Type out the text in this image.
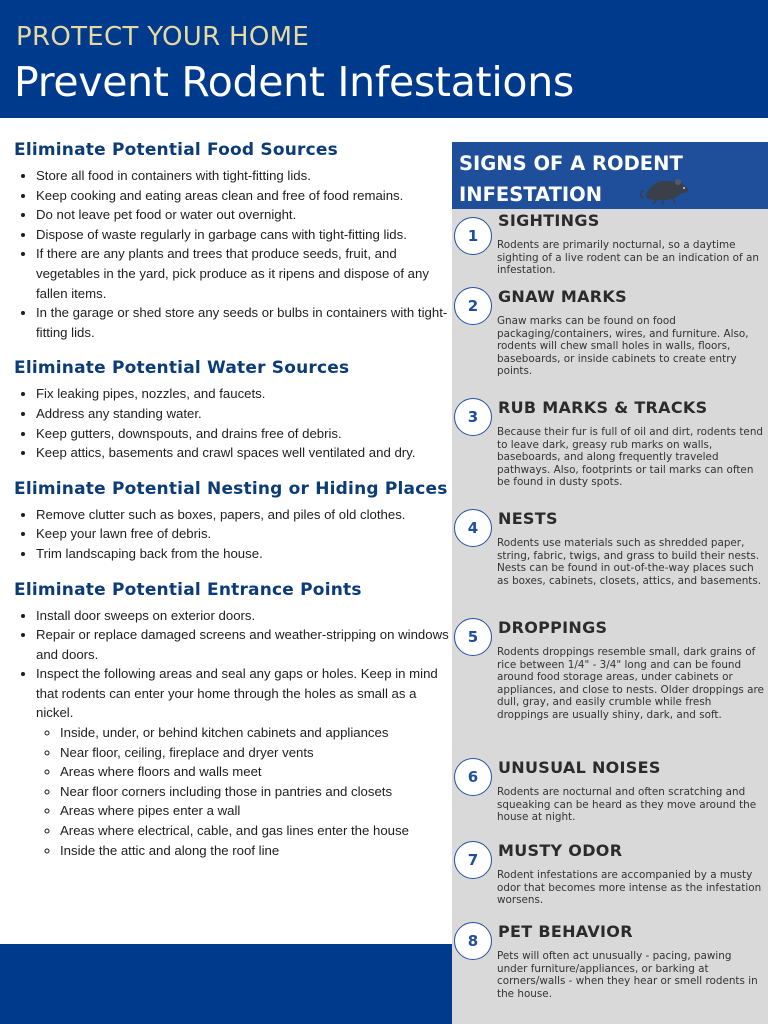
PROTECT YOUR HOME
Prevent Rodent Infestations
Eliminate Potential Food Sources
• Store all food in containers with tight-fitting lids.
• Keep cooking and eating areas clean and free of food remains.
• Do not leave pet food or water out overnight.
• Dispose of waste regularly in garbage cans with tight-fitting lids.
• If there are any plants and trees that produce seeds, fruit, and vegetables in the yard, pick produce as it ripens and dispose of any fallen items.
• In the garage or shed store any seeds or bulbs in containers with tight-fitting lids.
Eliminate Potential Water Sources
• Fix leaking pipes, nozzles, and faucets.
• Address any standing water.
• Keep gutters, downspouts, and drains free of debris.
• Keep attics, basements and crawl spaces well ventilated and dry.
Eliminate Potential Nesting or Hiding Places
• Remove clutter such as boxes, papers, and piles of old clothes.
• Keep your lawn free of debris.
• Trim landscaping back from the house.
Eliminate Potential Entrance Points
• Install door sweeps on exterior doors.
• Repair or replace damaged screens and weather-stripping on windows and doors.
• Inspect the following areas and seal any gaps or holes. Keep in mind that rodents can enter your home through the holes as small as a nickel.
◦ Inside, under, or behind kitchen cabinets and appliances
◦ Near floor, ceiling, fireplace and dryer vents
◦ Areas where floors and walls meet
◦ Near floor corners including those in pantries and closets
◦ Areas where pipes enter a wall
◦ Areas where electrical, cable, and gas lines enter the house
◦ Inside the attic and along the roof line
SIGNS OF A RODENT INFESTATION
1
SIGHTINGS
Rodents are primarily nocturnal, so a daytime sighting of a live rodent can be an indication of an infestation.
2	GNAW MARKS
Gnaw marks can be found on food packaging/containers, wires, and furniture. Also, rodents will chew small holes in walls, floors, baseboards, or inside cabinets to create entry points.
3	RUB MARKS & TRACKS
Because their fur is full of oil and dirt, rodents tend to leave dark, greasy rub marks on walls, baseboards, and along frequently traveled pathways. Also, footprints or tail marks can often be found in dusty spots.
4	NESTS
Rodents use materials such as shredded paper, string, fabric, twigs, and grass to build their nests. Nests can be found in out-of-the-way places such as boxes, cabinets, closets, attics, and basements.
5	DROPPINGS
Rodents droppings resemble small, dark grains of rice between 1/4" - 3/4" long and can be found around food storage areas, under cabinets or appliances, and close to nests. Older droppings are dull, gray, and easily crumble while fresh droppings are usually shiny, dark, and soft.
6	UNUSUAL NOISES
Rodents are nocturnal and often scratching and squeaking can be heard as they move around the house at night.
7	MUSTY ODOR
Rodent infestations are accompanied by a musty odor that becomes more intense as the infestation worsens.
8	PET BEHAVIOR
Pets will often act unusually - pacing, pawing under furniture/appliances, or barking at corners/walls - when they hear or smell rodents in the house.
